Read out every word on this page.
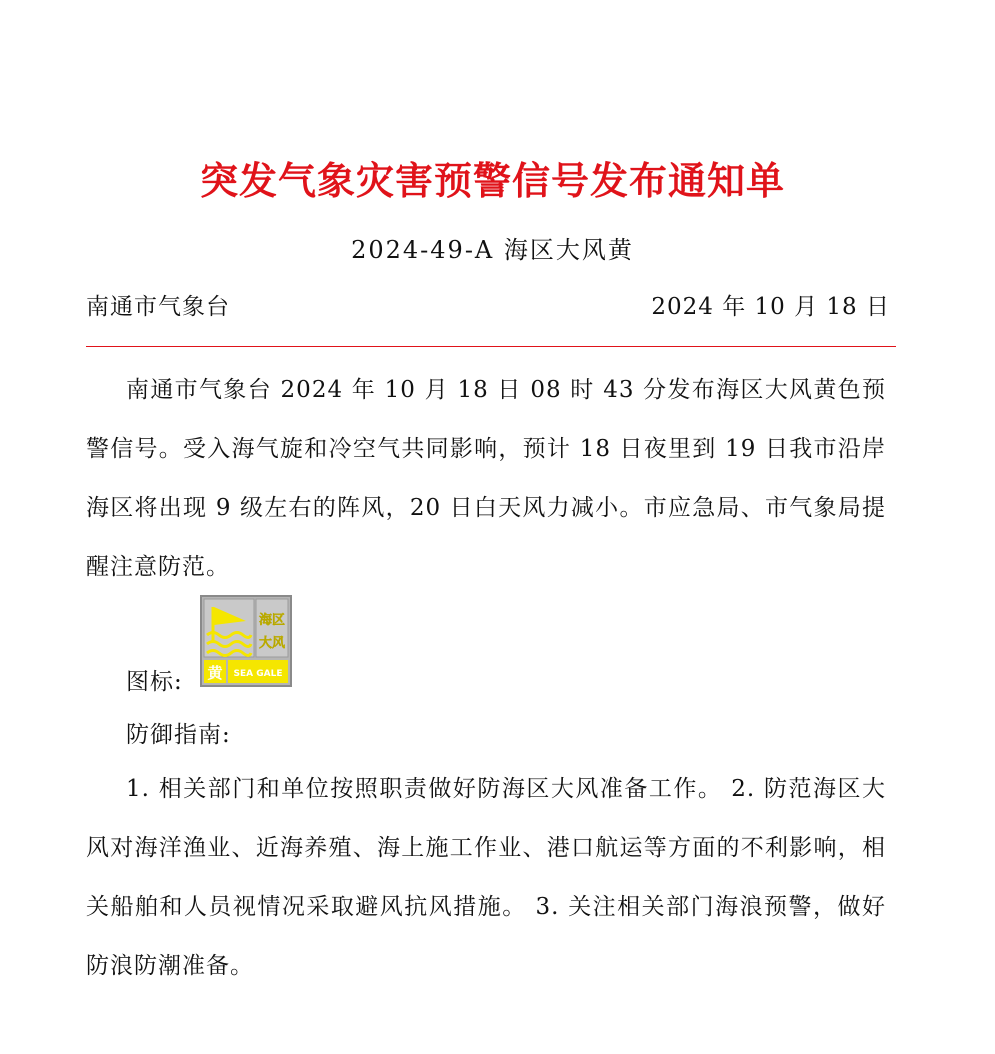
突发气象灾害预警信号发布通知单
2024-49-A 海区大风黄
南通市气象台	2024 年 10 月 18 日
南通市气象台 2024 年 10 月 18 日 08 时 43 分发布海区大风黄色预警信号。受入海气旋和冷空气共同影响，预计 18 日夜里到 19 日我市沿岸海区将出现 9 级左右的阵风，20 日白天风力减小。市应急局、市气象局提醒注意防范。
图标:
海区
大风
黄 SEA GALE
防御指南:
1. 相关部门和单位按照职责做好防海区大风准备工作。 2. 防范海区大风对海洋渔业、近海养殖、海上施工作业、港口航运等方面的不利影响，相关船舶和人员视情况采取避风抗风措施。 3. 关注相关部门海浪预警，做好防浪防潮准备。
